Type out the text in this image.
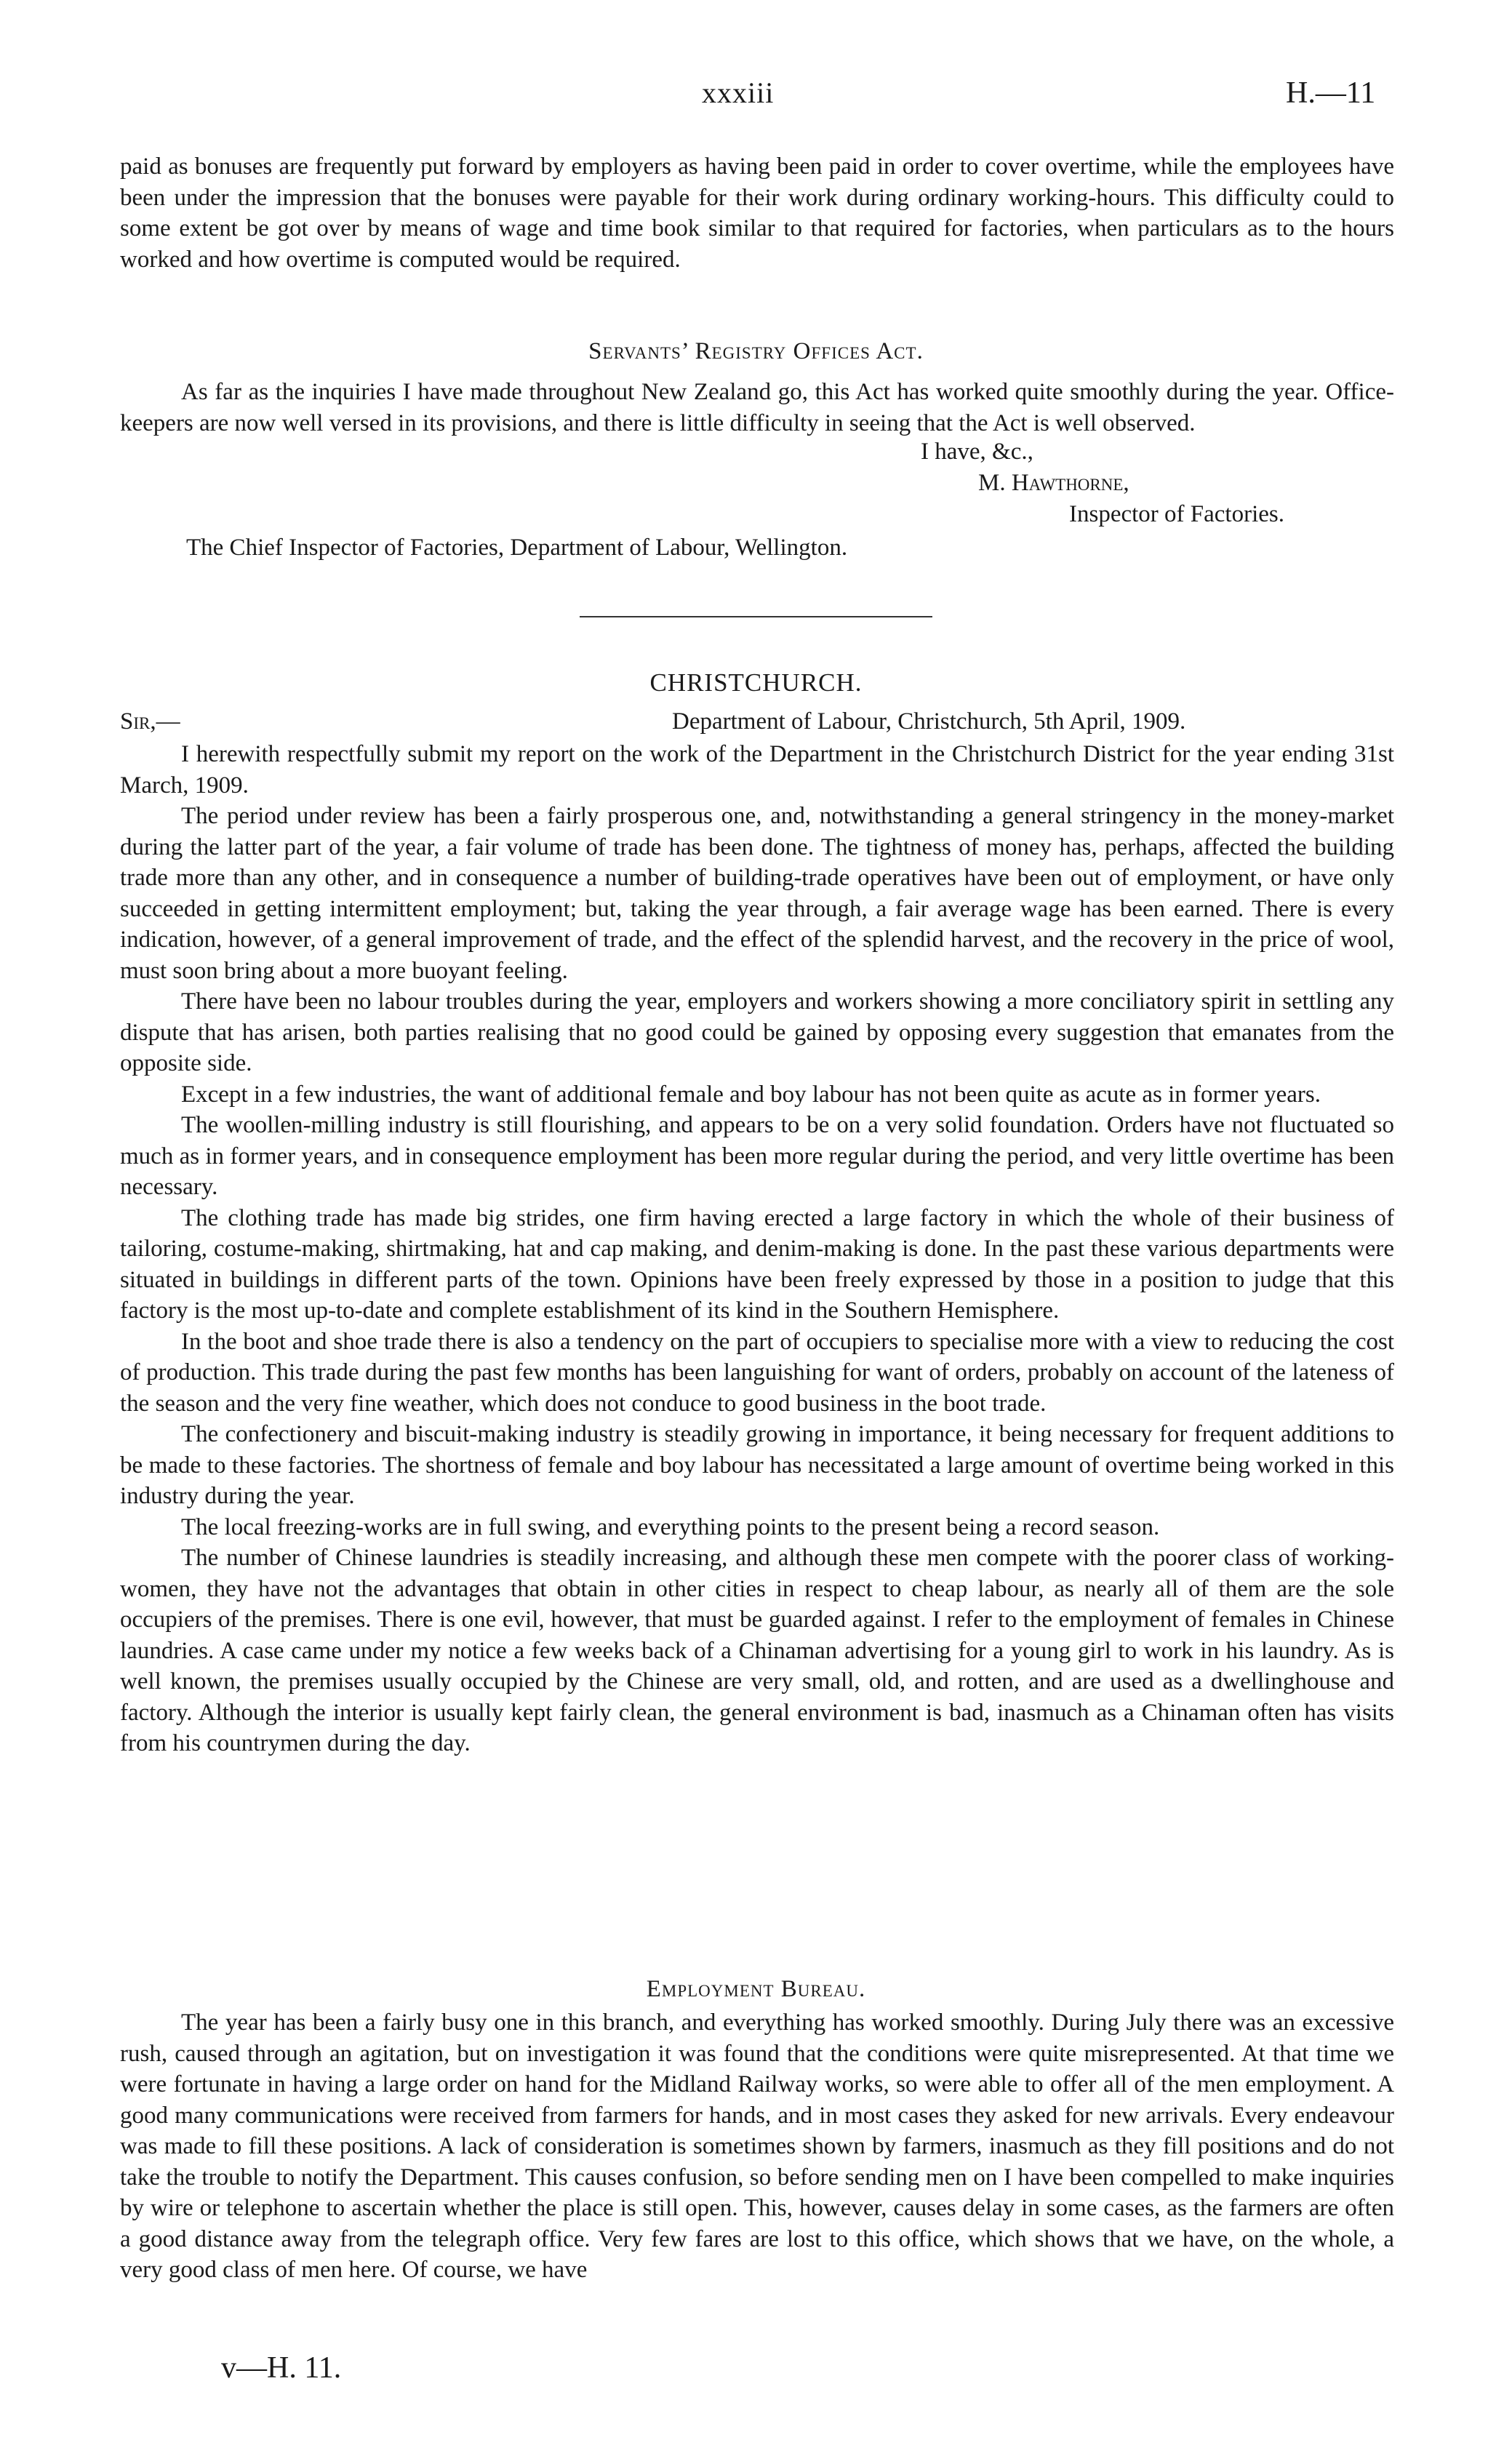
xxxiii	H.—11

paid as bonuses are frequently put forward by employers as having been paid in order to cover overtime, while the employees have been under the impression that the bonuses were payable for their work during ordinary working-hours. This difficulty could to some extent be got over by means of wage and time book similar to that required for factories, when particulars as to the hours worked and how overtime is computed would be required.

Servants’ Registry Offices Act.

As far as the inquiries I have made throughout New Zealand go, this Act has worked quite smoothly during the year. Office-keepers are now well versed in its provisions, and there is little difficulty in seeing that the Act is well observed.

I have, &c.,
M. Hawthorne,
Inspector of Factories.
The Chief Inspector of Factories, Department of Labour, Wellington.
CHRISTCHURCH.
Sir,—	Department of Labour, Christchurch, 5th April, 1909.

I herewith respectfully submit my report on the work of the Department in the Christchurch District for the year ending 31st March, 1909.

The period under review has been a fairly prosperous one, and, notwithstanding a general stringency in the money-market during the latter part of the year, a fair volume of trade has been done. The tightness of money has, perhaps, affected the building trade more than any other, and in consequence a number of building-trade operatives have been out of employment, or have only succeeded in getting intermittent employment; but, taking the year through, a fair average wage has been earned. There is every indication, however, of a general improvement of trade, and the effect of the splendid harvest, and the recovery in the price of wool, must soon bring about a more buoyant feeling.

There have been no labour troubles during the year, employers and workers showing a more conciliatory spirit in settling any dispute that has arisen, both parties realising that no good could be gained by opposing every suggestion that emanates from the opposite side.

Except in a few industries, the want of additional female and boy labour has not been quite as acute as in former years.

The woollen-milling industry is still flourishing, and appears to be on a very solid foundation. Orders have not fluctuated so much as in former years, and in consequence employment has been more regular during the period, and very little overtime has been necessary.

The clothing trade has made big strides, one firm having erected a large factory in which the whole of their business of tailoring, costume-making, shirtmaking, hat and cap making, and denim-making is done. In the past these various departments were situated in buildings in different parts of the town. Opinions have been freely expressed by those in a position to judge that this factory is the most up-to-date and complete establishment of its kind in the Southern Hemisphere.

In the boot and shoe trade there is also a tendency on the part of occupiers to specialise more with a view to reducing the cost of production. This trade during the past few months has been languishing for want of orders, probably on account of the lateness of the season and the very fine weather, which does not conduce to good business in the boot trade.

The confectionery and biscuit-making industry is steadily growing in importance, it being necessary for frequent additions to be made to these factories. The shortness of female and boy labour has necessitated a large amount of overtime being worked in this industry during the year.

The local freezing-works are in full swing, and everything points to the present being a record season.

The number of Chinese laundries is steadily increasing, and although these men compete with the poorer class of working-women, they have not the advantages that obtain in other cities in respect to cheap labour, as nearly all of them are the sole occupiers of the premises. There is one evil, however, that must be guarded against. I refer to the employment of females in Chinese laundries. A case came under my notice a few weeks back of a Chinaman advertising for a young girl to work in his laundry. As is well known, the premises usually occupied by the Chinese are very small, old, and rotten, and are used as a dwellinghouse and factory. Although the interior is usually kept fairly clean, the general environment is bad, inasmuch as a Chinaman often has visits from his countrymen during the day.

Employment Bureau.

The year has been a fairly busy one in this branch, and everything has worked smoothly. During July there was an excessive rush, caused through an agitation, but on investigation it was found that the conditions were quite misrepresented. At that time we were fortunate in having a large order on hand for the Midland Railway works, so were able to offer all of the men employment. A good many communications were received from farmers for hands, and in most cases they asked for new arrivals. Every endeavour was made to fill these positions. A lack of consideration is sometimes shown by farmers, inasmuch as they fill positions and do not take the trouble to notify the Department. This causes confusion, so before sending men on I have been compelled to make inquiries by wire or telephone to ascertain whether the place is still open. This, however, causes delay in some cases, as the farmers are often a good distance away from the telegraph office. Very few fares are lost to this office, which shows that we have, on the whole, a very good class of men here. Of course, we have

v—H. 11.
